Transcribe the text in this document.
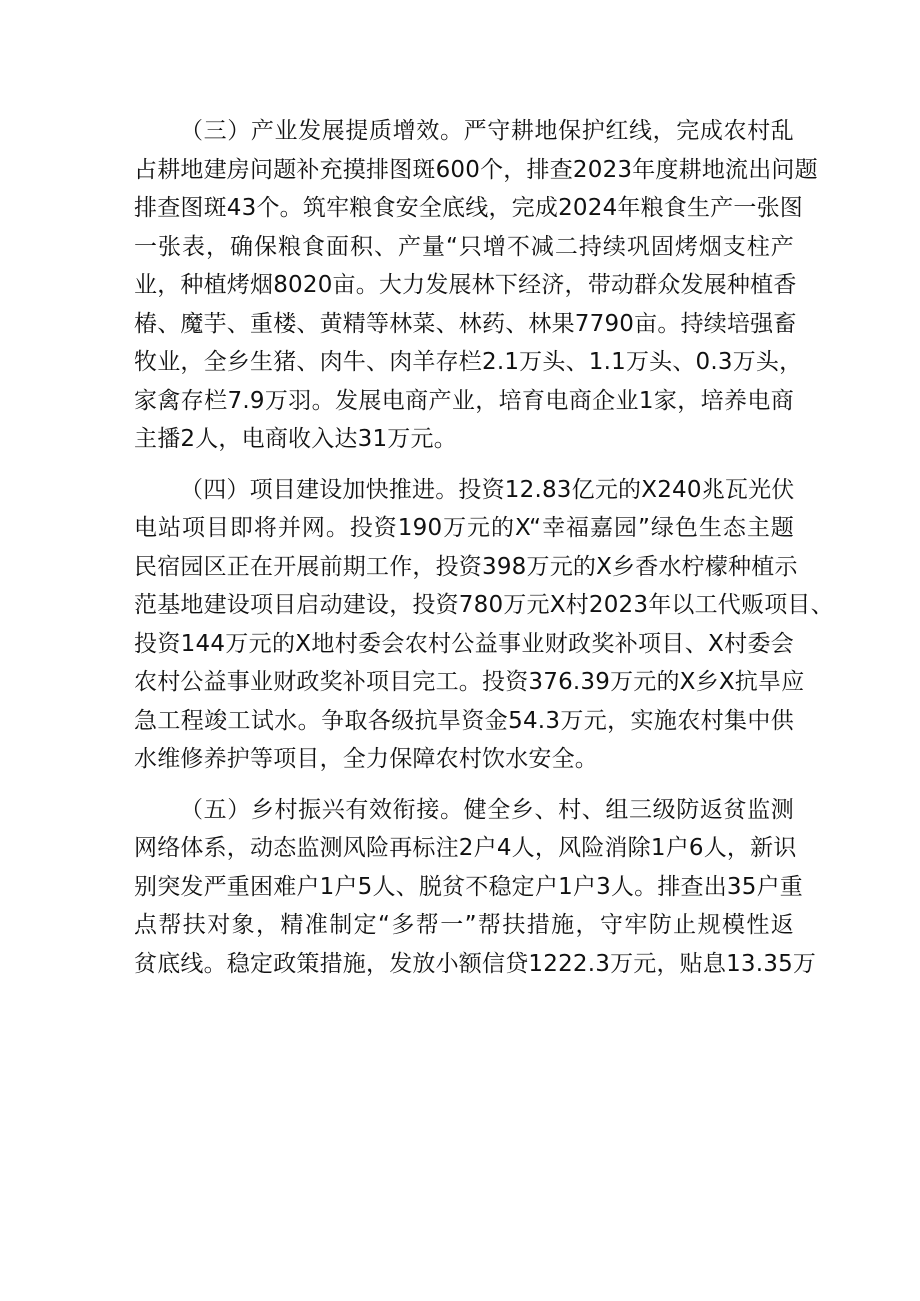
（三）产业发展提质增效。严守耕地保护红线，完成农村乱
占耕地建房问题补充摸排图斑600个，排查2023年度耕地流出问题
排查图斑43个。筑牢粮食安全底线，完成2024年粮食生产一张图
一张表，确保粮食面积、产量“只增不减二持续巩固烤烟支柱产
业，种植烤烟8020亩。大力发展林下经济，带动群众发展种植香
椿、魔芋、重楼、黄精等林菜、林药、林果7790亩。持续培强畜
牧业，全乡生猪、肉牛、肉羊存栏2.1万头、1.1万头、0.3万头，
家禽存栏7.9万羽。发展电商产业，培育电商企业1家，培养电商
主播2人，电商收入达31万元。
（四）项目建设加快推进。投资12.83亿元的X240兆瓦光伏
电站项目即将并网。投资190万元的X“幸福嘉园”绿色生态主题
民宿园区正在开展前期工作，投资398万元的X乡香水柠檬种植示
范基地建设项目启动建设，投资780万元X村2023年以工代贩项目、
投资144万元的X地村委会农村公益事业财政奖补项目、X村委会
农村公益事业财政奖补项目完工。投资376.39万元的X乡X抗旱应
急工程竣工试水。争取各级抗旱资金54.3万元，实施农村集中供
水维修养护等项目，全力保障农村饮水安全。
（五）乡村振兴有效衔接。健全乡、村、组三级防返贫监测
网络体系，动态监测风险再标注2户4人，风险消除1户6人，新识
别突发严重困难户1户5人、脱贫不稳定户1户3人。排查出35户重
点帮扶对象，精准制定“多帮一”帮扶措施，守牢防止规模性返
贫底线。稳定政策措施，发放小额信贷1222.3万元，贴息13.35万
